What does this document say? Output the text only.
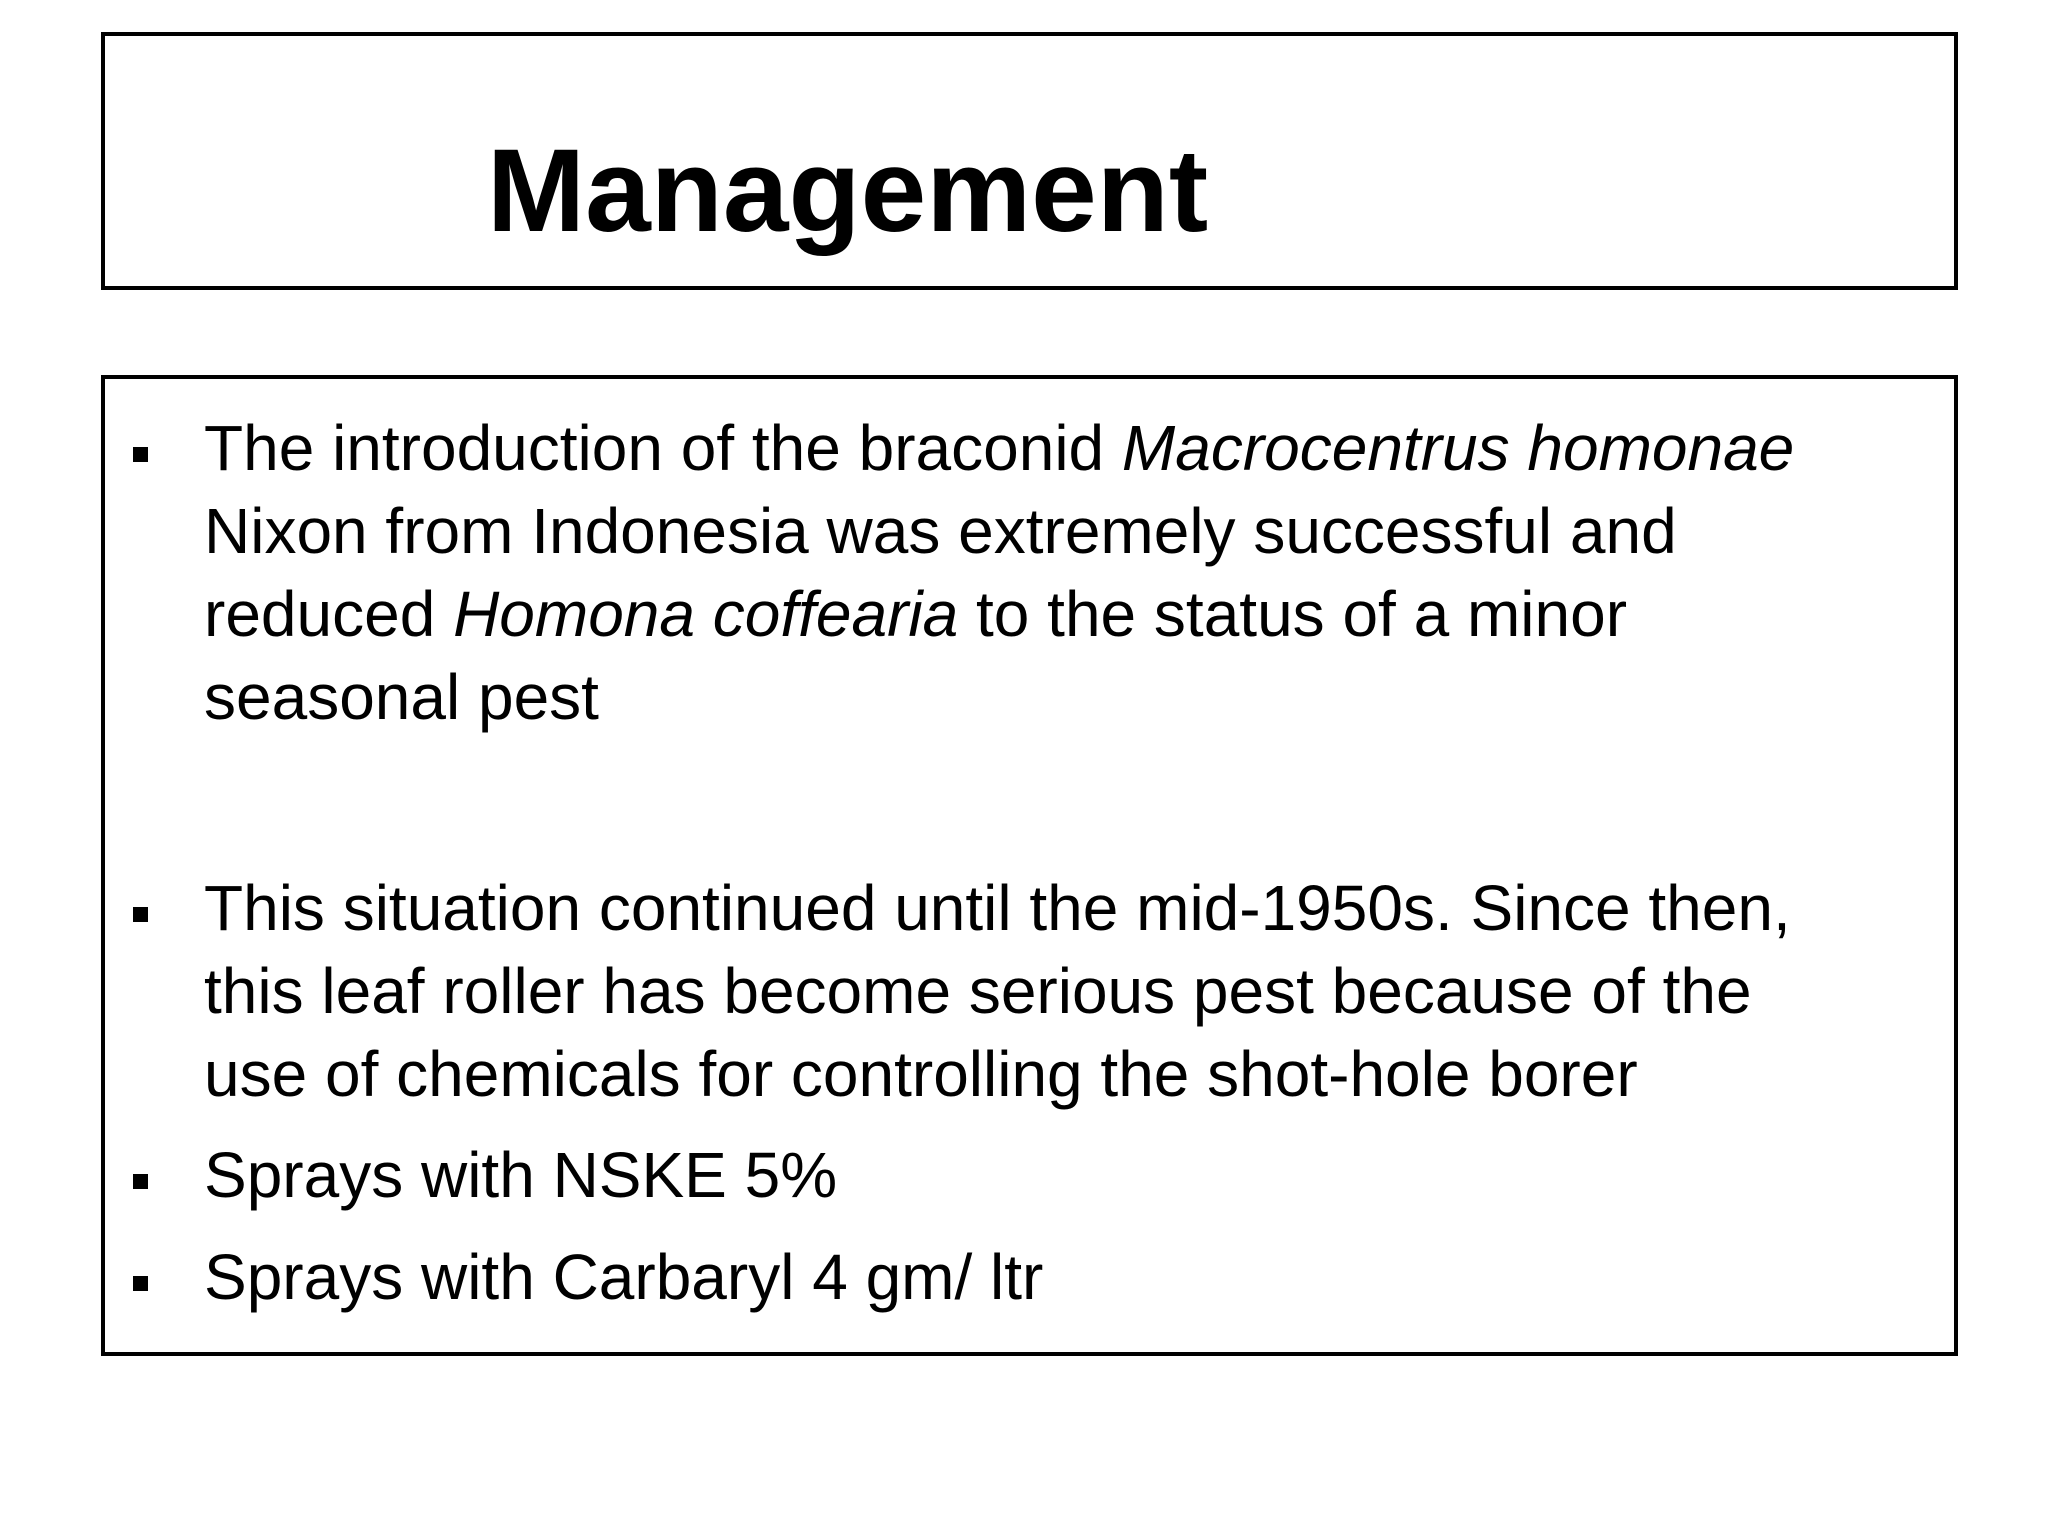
Management
The introduction of the braconid Macrocentrus homonae
Nixon from Indonesia was extremely successful and
reduced Homona coffearia to the status of a minor
seasonal pest
This situation continued until the mid-1950s. Since then,
this leaf roller has become serious pest because of the
use of chemicals for controlling the shot-hole borer
Sprays with NSKE 5%
Sprays with Carbaryl 4 gm/ ltr
